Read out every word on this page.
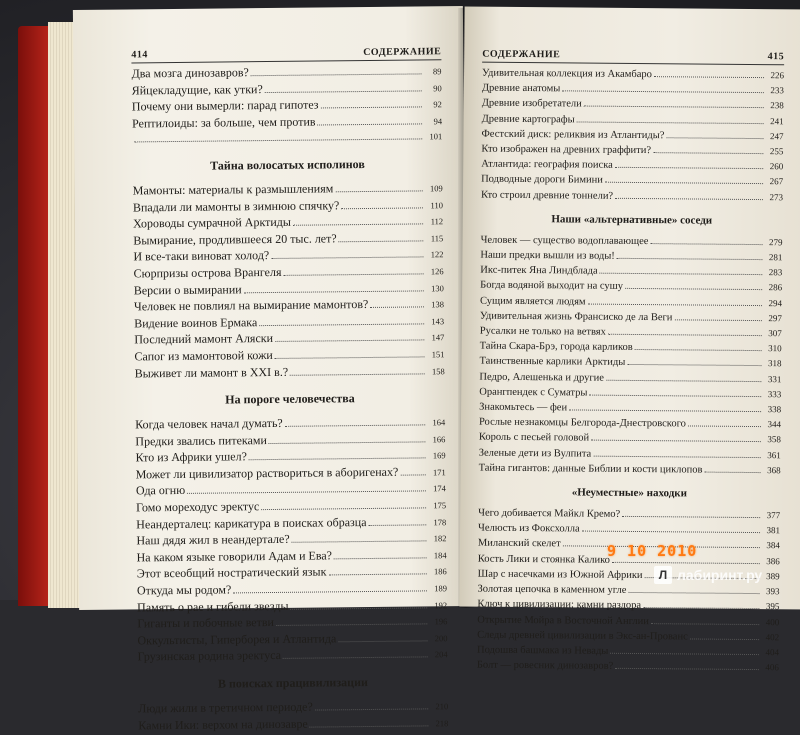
414	СОДЕРЖАНИЕ
Два мозга динозавров?	89
Яйцекладущие, как утки?	90
Почему они вымерли: парад гипотез	92
Рептилоиды: за больше, чем против	94
101
Тайна волосатых исполинов
Мамонты: материалы к размышлениям	109
Впадали ли мамонты в зимнюю спячку?	110
Хороводы сумрачной Арктиды	112
Вымирание, продлившееся 20 тыс. лет?	115
И все-таки виноват холод?	122
Сюрпризы острова Врангеля	126
Версии о вымирании	130
Человек не повлиял на вымирание мамонтов?	138
Видение воинов Ермака	143
Последний мамонт Аляски	147
Сапог из мамонтовой кожи	151
Выживет ли мамонт в XXI в.?	158
На пороге человечества
Когда человек начал думать?	164
Предки звались питеками	166
Кто из Африки ушел?	169
Может ли цивилизатор раствориться в аборигенах?	171
Ода огню	174
Гомо мореходус эректус	175
Неандерталец: карикатура в поисках образца	178
Наш дядя жил в неандертале?	182
На каком языке говорили Адам и Ева?	184
Этот всеобщий ностратический язык	186
Откуда мы родом?	189
Память о рае и гибели звезды	192
Гиганты и побочные ветви	196
Оккультисты, Гиперборея и Атлантида	200
Грузинская родина эректуса	204
В поисках працивилизации
Люди жили в третичном периоде?	210
Камни Ики: верхом на динозавре	218
СОДЕРЖАНИЕ	415
Удивительная коллекция из Акамбаро	226
Древние анатомы	233
Древние изобретатели	238
Древние картографы	241
Фестский диск: реликвия из Атлантиды?	247
Кто изображен на древних граффити?	255
Атлантида: география поиска	260
Подводные дороги Бимини	267
Кто строил древние тоннели?	273
Наши «альтернативные» соседи
Человек — существо водоплавающее	279
Наши предки вышли из воды!	281
Икс-питек Яна Линдблада	283
Богда водяной выходит на сушу	286
Сущим является людям	294
Удивительная жизнь Франсиско де ла Веги	297
Русалки не только на ветвях	307
Тайна Скара-Брэ, города карликов	310
Таинственные карлики Арктиды	318
Педро, Алешенька и другие	331
Орангпендек с Суматры	333
Знакомьтесь — феи	338
Рослые незнакомцы Белгорода-Днестровского	344
Король с песьей головой	358
Зеленые дети из Вулпита	361
Тайна гигантов: данные Библии и кости циклопов	368
«Неуместные» находки
Чего добивается Майкл Кремо?	377
Челюсть из Фоксхолла	381
Миланский скелет	384
Кость Лики и стоянка Калико	386
Шар с насечками из Южной Африки	389
Золотая цепочка в каменном угле	393
Ключ к цивилизации: камни раздора	395
Открытие Мойра в Восточной Англии	400
Следы древней цивилизации в Экс-ан-Прованс	402
Подошва башмака из Невады	404
Болт — ровесник динозавров?	406
9 10 2010
Л лабиринт.ру
